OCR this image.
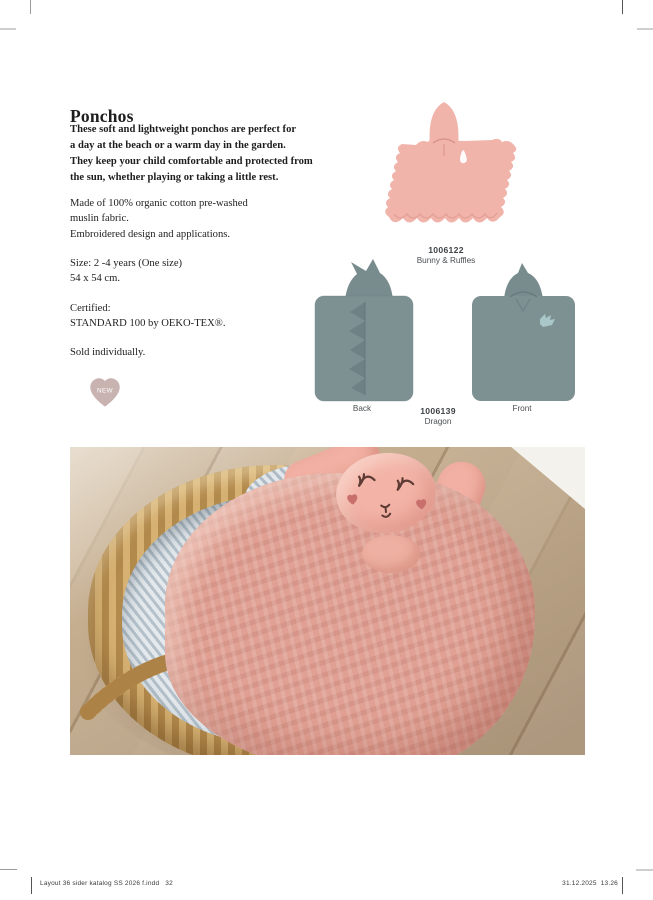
Ponchos
These soft and lightweight ponchos are perfect for
a day at the beach or a warm day in the garden.
They keep your child comfortable and protected from
the sun, whether playing or taking a little rest.
Made of 100% organic cotton pre-washed
muslin fabric.
Embroidered design and applications.
Size: 2 -4 years (One size)
54 x 54 cm.
Certified:
STANDARD 100 by OEKO-TEX®.
Sold individually.
NEW
1006122
Bunny & Ruffles
Back	Front
1006139
Dragon
Layout 36 sider katalog SS 2026 f.indd 32	31.12.2025 13.26
